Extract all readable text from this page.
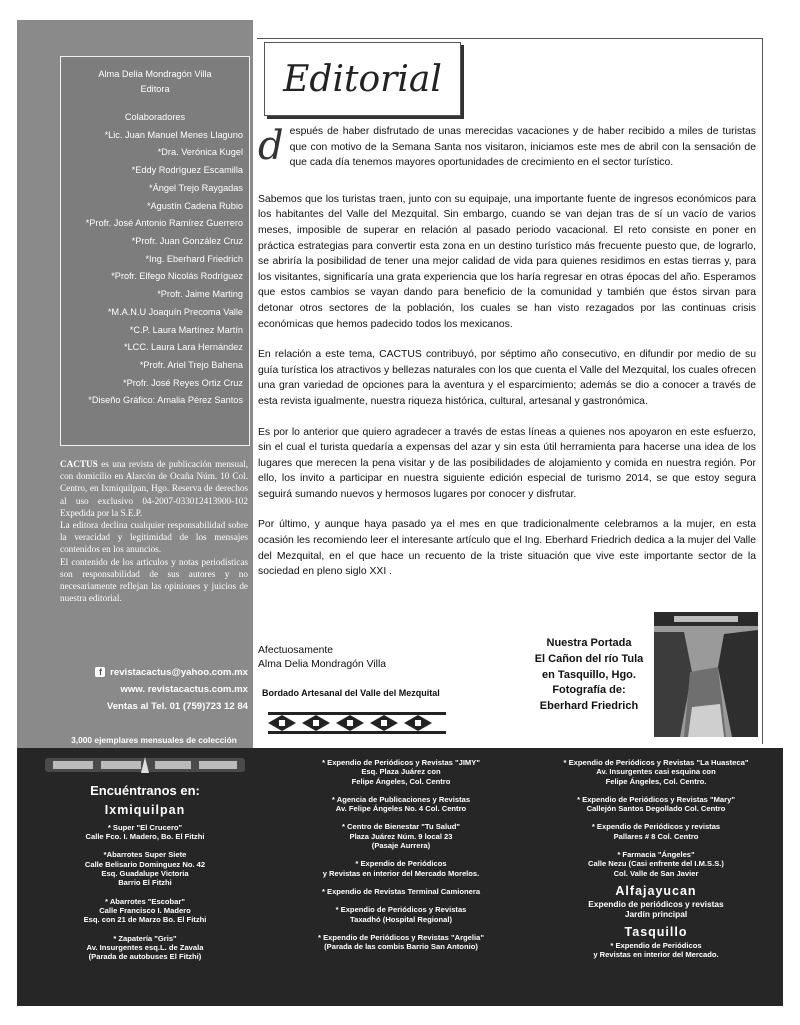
Alma Delia Mondragón Villa
Editora
Colaboradores
*Lic. Juan Manuel Menes Llaguno
*Dra. Verónica Kugel
*Eddy Rodríguez Escamilla
*Ángel Trejo Raygadas
*Agustín Cadena Rubio
*Profr. José Antonio Ramírez Guerrero
*Profr. Juan González Cruz
*Ing. Eberhard Friedrich
*Profr. Elfego Nicolás Rodríguez
*Profr. Jaime Marting
*M.A.N.U Joaquín Precoma Valle
*C.P. Laura Martínez Martín
*LCC. Laura Lara Hernández
*Profr. Ariel Trejo Bahena
*Profr. José Reyes Ortiz Cruz
*Diseño Gráfico: Amalia Pérez Santos

CACTUS es una revista de publicación mensual, con domicilio en Alarcón de Ocaña Núm. 10 Col. Centro, en Ixmiquilpan, Hgo. Reserva de derechos al uso exclusivo 04-2007-033012413900-102 Expedida por la S.E.P.

La editora declina cualquier responsabilidad sobre la veracidad y legitimidad de los mensajes contenidos en los anuncios.

El contenido de los artículos y notas periodísticas son responsabilidad de sus autores y no necesariamente reflejan las opiniones y juicios de nuestra editorial.

f revistacactus@yahoo.com.mx
www. revistacactus.com.mx
Ventas al Tel. 01 (759)723 12 84
3,000 ejemplares mensuales de colección
Editorial

después de haber disfrutado de unas merecidas vacaciones y de haber recibido a miles de turistas que con motivo de la Semana Santa nos visitaron, iniciamos este mes de abril con la sensación de que cada día tenemos mayores oportunidades de crecimiento en el sector turístico.

Sabemos que los turistas traen, junto con su equipaje, una importante fuente de ingresos económicos para los habitantes del Valle del Mezquital. Sin embargo, cuando se van dejan tras de sí un vacío de varios meses, imposible de superar en relación al pasado periodo vacacional. El reto consiste en poner en práctica estrategias para convertir esta zona en un destino turístico más frecuente puesto que, de lograrlo, se abriría la posibilidad de tener una mejor calidad de vida para quienes residimos en estas tierras y, para los visitantes, significaría una grata experiencia que los haría regresar en otras épocas del año. Esperamos que estos cambios se vayan dando para beneficio de la comunidad y también que éstos sirvan para detonar otros sectores de la población, los cuales se han visto rezagados por las continuas crisis económicas que hemos padecido todos los mexicanos.

En relación a este tema, CACTUS contribuyó, por séptimo año consecutivo, en difundir por medio de su guía turística los atractivos y bellezas naturales con los que cuenta el Valle del Mezquital, los cuales ofrecen una gran variedad de opciones para la aventura y el esparcimiento; además se dio a conocer a través de esta revista igualmente, nuestra riqueza histórica, cultural, artesanal y gastronómica.

Es por lo anterior que quiero agradecer a través de estas líneas a quienes nos apoyaron en este esfuerzo, sin el cual el turista quedaría a expensas del azar y sin esta útil herramienta para hacerse una idea de los lugares que merecen la pena visitar y de las posibilidades de alojamiento y comida en nuestra región. Por ello, los invito a participar en nuestra siguiente edición especial de turismo 2014, se que estoy segura seguirá sumando nuevos y hermosos lugares por conocer y disfrutar.

Por último, y aunque haya pasado ya el mes en que tradicionalmente celebramos a la mujer, en esta ocasión les recomiendo leer el interesante artículo que el Ing. Eberhard Friedrich dedica a la mujer del Valle del Mezquital, en el que hace un recuento de la triste situación que vive este importante sector de la sociedad en pleno siglo XXI .

Afectuosamente
Alma Delia Mondragón Villa
Bordado Artesanal del Valle del Mezquital
Nuestra Portada
El Cañon del río Tula
en Tasquillo, Hgo.
Fotografía de:
Eberhard Friedrich
Encuéntranos en:
Ixmiquilpan
* Super "El Crucero"
Calle Fco. I. Madero, Bo. El Fitzhi
*Abarrotes Super Siete
Calle Belisario Dominguez No. 42
Esq. Guadalupe Victoria
Barrio El Fitzhi
* Abarrotes "Escobar"
Calle Francisco I. Madero
Esq. con 21 de Marzo Bo. El Fitzhi
* Zapatería "Gris"
Av. Insurgentes esq.L. de Zavala
(Parada de autobuses El Fitzhi)
* Expendio de Periódicos y Revistas "JIMY"
Esq. Plaza Juárez con
Felipe Ángeles, Col. Centro
* Agencia de Publicaciones y Revistas
Av. Felipe Ángeles No. 4 Col. Centro
* Centro de Bienestar "Tu Salud"
Plaza Juárez Núm. 9 local 23
(Pasaje Aurrera)
* Expendio de Periódicos
y Revistas en interior del Mercado Morelos.
* Expendio de Revistas Terminal Camionera
* Expendio de Periódicos y Revistas
Taxadhó (Hospital Regional)
* Expendio de Periódicos y Revistas "Argelia"
(Parada de las combis Barrio San Antonio)
* Expendio de Periódicos y Revistas "La Huasteca"
Av. Insurgentes casi esquina con
Felipe Ángeles, Col. Centro.
* Expendio de Periódicos y Revistas "Mary"
Callejón Santos Degollado Col. Centro
* Expendio de Periódicos y revistas
Pallares # 8 Col. Centro
* Farmacia "Ángeles"
Calle Nezu (Casi enfrente del I.M.S.S.)
Col. Valle de San Javier
Alfajayucan
Expendio de periódicos y revistas
Jardín principal
Tasquillo
* Expendio de Periódicos
y Revistas en interior del Mercado.
